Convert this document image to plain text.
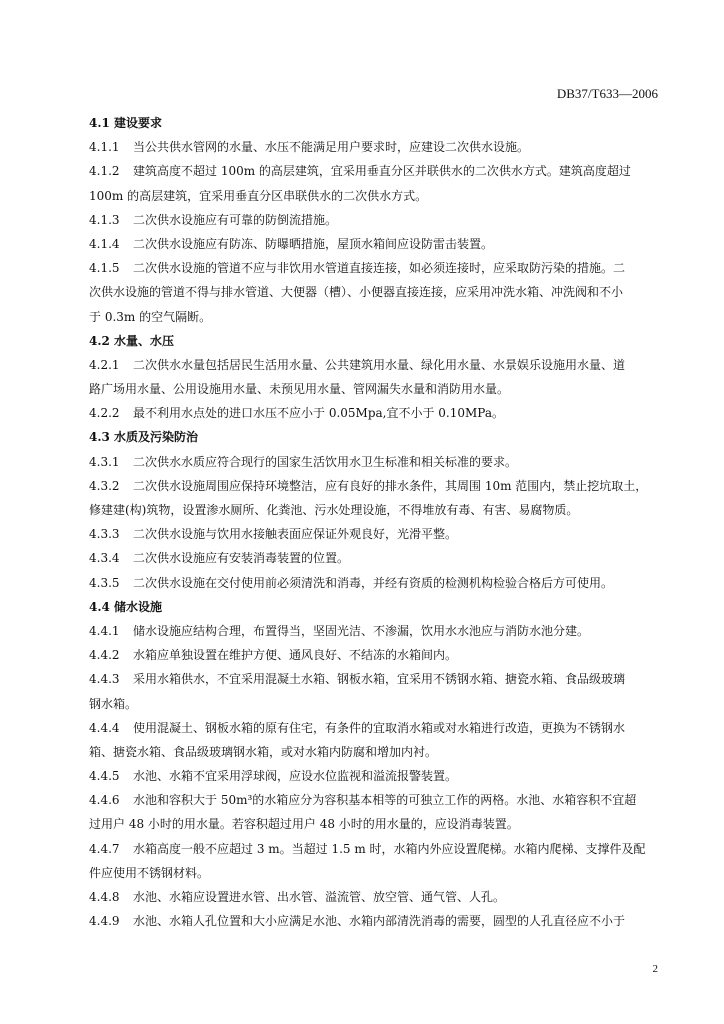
DB37/T633—2006
4.1 建设要求
4.1.1 当公共供水管网的水量、水压不能满足用户要求时，应建设二次供水设施。
4.1.2 建筑高度不超过 100m 的高层建筑，宜采用垂直分区并联供水的二次供水方式。建筑高度超过
100m 的高层建筑，宜采用垂直分区串联供水的二次供水方式。
4.1.3 二次供水设施应有可靠的防倒流措施。
4.1.4 二次供水设施应有防冻、防曝晒措施，屋顶水箱间应设防雷击装置。
4.1.5 二次供水设施的管道不应与非饮用水管道直接连接，如必须连接时，应采取防污染的措施。二
次供水设施的管道不得与排水管道、大便器（槽）、小便器直接连接，应采用冲洗水箱、冲洗阀和不小
于 0.3m 的空气隔断。
4.2 水量、水压
4.2.1 二次供水水量包括居民生活用水量、公共建筑用水量、绿化用水量、水景娱乐设施用水量、道
路广场用水量、公用设施用水量、未预见用水量、管网漏失水量和消防用水量。
4.2.2 最不利用水点处的进口水压不应小于 0.05Mpa,宜不小于 0.10MPa。
4.3 水质及污染防治
4.3.1 二次供水水质应符合现行的国家生活饮用水卫生标准和相关标准的要求。
4.3.2 二次供水设施周围应保持环境整洁，应有良好的排水条件，其周围 10m 范围内，禁止挖坑取土，
修建建(构)筑物，设置渗水厕所、化粪池、污水处理设施，不得堆放有毒、有害、易腐物质。
4.3.3 二次供水设施与饮用水接触表面应保证外观良好，光滑平整。
4.3.4 二次供水设施应有安装消毒装置的位置。
4.3.5 二次供水设施在交付使用前必须清洗和消毒，并经有资质的检测机构检验合格后方可使用。
4.4 储水设施
4.4.1 储水设施应结构合理，布置得当，坚固光洁、不渗漏，饮用水水池应与消防水池分建。
4.4.2 水箱应单独设置在维护方便、通风良好、不结冻的水箱间内。
4.4.3 采用水箱供水，不宜采用混凝土水箱、钢板水箱，宜采用不锈钢水箱、搪瓷水箱、食品级玻璃
钢水箱。
4.4.4 使用混凝土、钢板水箱的原有住宅，有条件的宜取消水箱或对水箱进行改造，更换为不锈钢水
箱、搪瓷水箱、食品级玻璃钢水箱，或对水箱内防腐和增加内衬。
4.4.5 水池、水箱不宜采用浮球阀，应设水位监视和溢流报警装置。
4.4.6 水池和容积大于 50m³的水箱应分为容积基本相等的可独立工作的两格。水池、水箱容积不宜超
过用户 48 小时的用水量。若容积超过用户 48 小时的用水量的，应设消毒装置。
4.4.7 水箱高度一般不应超过 3 m。当超过 1.5 m 时，水箱内外应设置爬梯。水箱内爬梯、支撑件及配
件应使用不锈钢材料。
4.4.8 水池、水箱应设置进水管、出水管、溢流管、放空管、通气管、人孔。
4.4.9 水池、水箱人孔位置和大小应满足水池、水箱内部清洗消毒的需要，圆型的人孔直径应不小于
2
